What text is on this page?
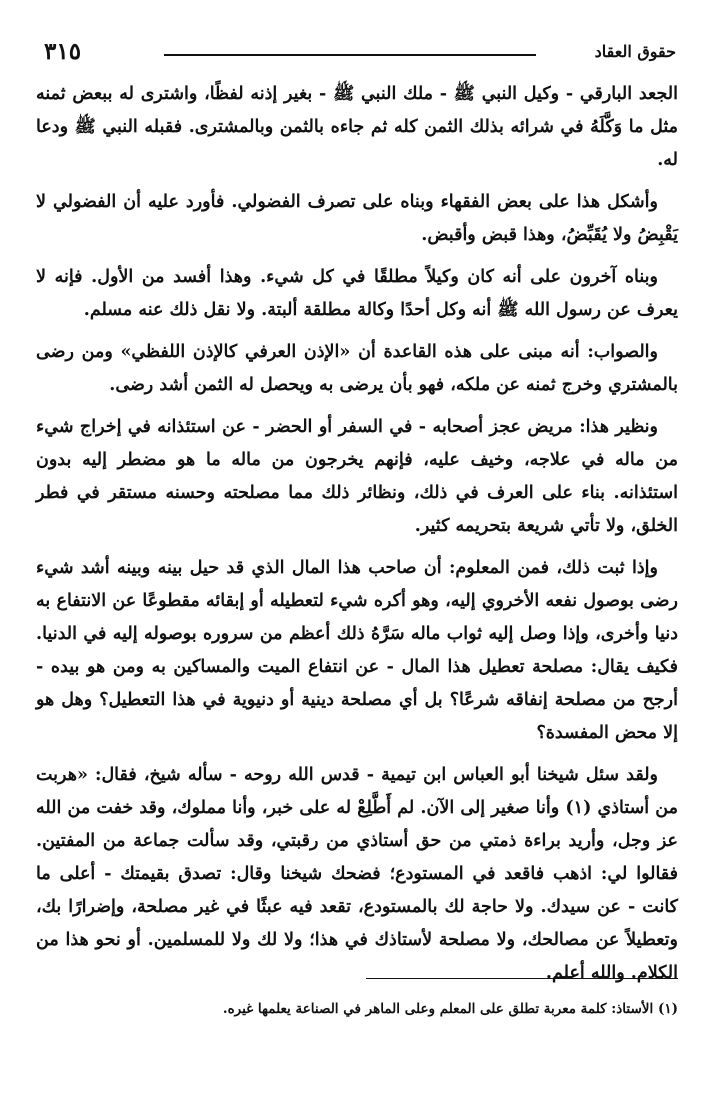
حقوق العقاد
٣١٥

الجعد البارقي - وكيل النبي ﷺ - ملك النبي ﷺ - بغير إذنه لفظًا، واشترى له ببعض ثمنه مثل ما وَكَّلَهُ في شرائه بذلك الثمن كله ثم جاءه بالثمن وبالمشترى. فقبله النبي ﷺ ودعا له.

وأشكل هذا على بعض الفقهاء وبناه على تصرف الفضولي. فأورد عليه أن الفضولي لا يَقْبِضُ ولا يُقَبِّضُ، وهذا قبض وأقبض.

وبناه آخرون على أنه كان وكيلاً مطلقًا في كل شيء. وهذا أفسد من الأول. فإنه لا يعرف عن رسول الله ﷺ أنه وكل أحدًا وكالة مطلقة ألبتة. ولا نقل ذلك عنه مسلم.

والصواب: أنه مبنى على هذه القاعدة أن «الإذن العرفي كالإذن اللفظي» ومن رضى بالمشتري وخرج ثمنه عن ملكه، فهو بأن يرضى به ويحصل له الثمن أشد رضى.

ونظير هذا: مريض عجز أصحابه - في السفر أو الحضر - عن استئذانه في إخراج شيء من ماله في علاجه، وخيف عليه، فإنهم يخرجون من ماله ما هو مضطر إليه بدون استئذانه. بناء على العرف في ذلك، ونظائر ذلك مما مصلحته وحسنه مستقر في فطر الخلق، ولا تأتي شريعة بتحريمه كثير.

وإذا ثبت ذلك، فمن المعلوم: أن صاحب هذا المال الذي قد حيل بينه وبينه أشد شيء رضى بوصول نفعه الأخروي إليه، وهو أكره شيء لتعطيله أو إبقائه مقطوعًا عن الانتفاع به دنيا وأخرى، وإذا وصل إليه ثواب ماله سَرَّهُ ذلك أعظم من سروره بوصوله إليه في الدنيا. فكيف يقال: مصلحة تعطيل هذا المال - عن انتفاع الميت والمساكين به ومن هو بيده - أرجح من مصلحة إنفاقه شرعًا؟ بل أي مصلحة دينية أو دنيوية في هذا التعطيل؟ وهل هو إلا محض المفسدة؟

ولقد سئل شيخنا أبو العباس ابن تيمية - قدس الله روحه - سأله شيخ، فقال: «هربت من أستاذي (١) وأنا صغير إلى الآن. لم أَطَّلِعْ له على خبر، وأنا مملوك، وقد خفت من الله عز وجل، وأريد براءة ذمتي من حق أستاذي من رقبتي، وقد سألت جماعة من المفتين. فقالوا لي: اذهب فاقعد في المستودع؛ فضحك شيخنا وقال: تصدق بقيمتك - أعلى ما كانت - عن سيدك. ولا حاجة لك بالمستودع، تقعد فيه عبثًا في غير مصلحة، وإضرارًا بك، وتعطيلاً عن مصالحك، ولا مصلحة لأستاذك في هذا؛ ولا لك ولا للمسلمين. أو نحو هذا من الكلام. والله أعلم.

(١) الأستاذ: كلمة معربة تطلق على المعلم وعلى الماهر في الصناعة يعلمها غيره.
